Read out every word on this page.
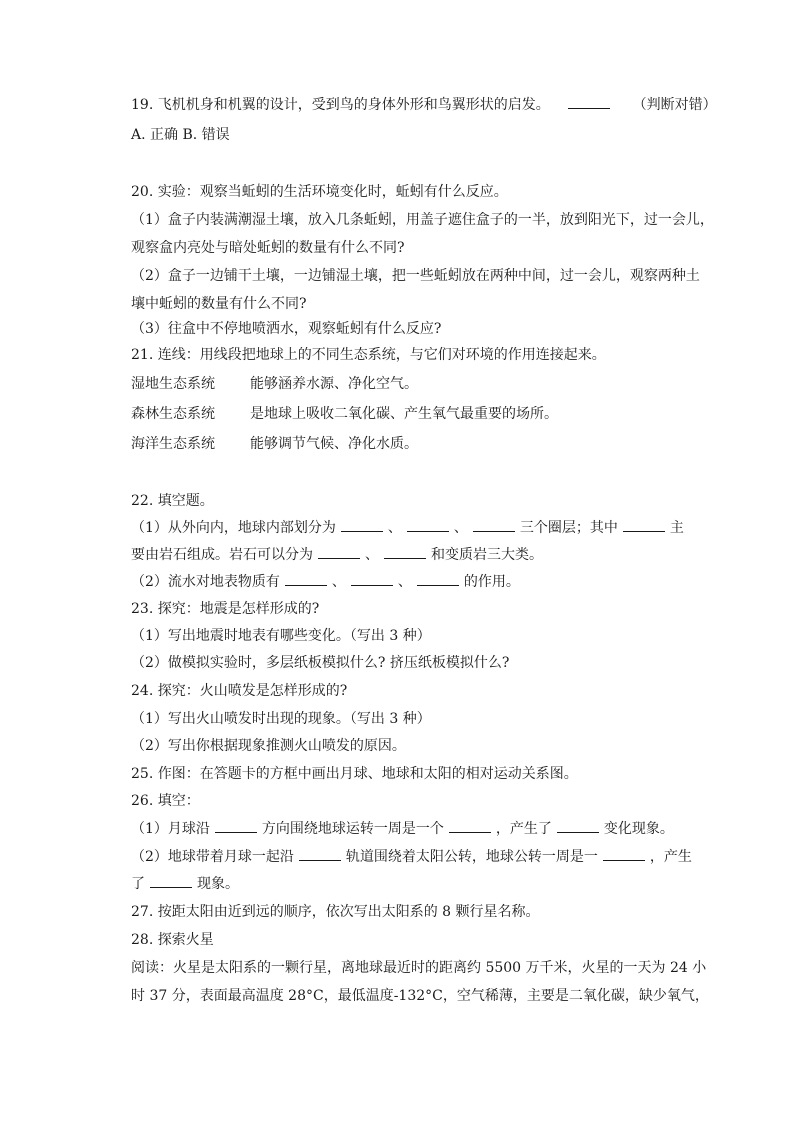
19. 飞机机身和机翼的设计，受到鸟的身体外形和鸟翼形状的启发。	（判断对错）
A. 正确 B. 错误
20. 实验：观察当蚯蚓的生活环境变化时，蚯蚓有什么反应。
（1）盒子内装满潮湿土壤，放入几条蚯蚓，用盖子遮住盒子的一半，放到阳光下，过一会儿，
观察盒内亮处与暗处蚯蚓的数量有什么不同?
（2）盒子一边铺干土壤，一边铺湿土壤，把一些蚯蚓放在两种中间，过一会儿，观察两种土
壤中蚯蚓的数量有什么不同?
（3）往盒中不停地喷洒水，观察蚯蚓有什么反应?
21. 连线：用线段把地球上的不同生态系统，与它们对环境的作用连接起来。
湿地生态系统	能够涵养水源、净化空气。
森林生态系统	是地球上吸收二氧化碳、产生氧气最重要的场所。
海洋生态系统	能够调节气候、净化水质。
22. 填空题。
（1）从外向内，地球内部划分为	、	、	三个圈层；其中	主
要由岩石组成。岩石可以分为	、	和变质岩三大类。
（2）流水对地表物质有	、	、	的作用。
23. 探究：地震是怎样形成的?
（1）写出地震时地表有哪些变化。（写出 3 种）
（2）做模拟实验时，多层纸板模拟什么? 挤压纸板模拟什么?
24. 探究：火山喷发是怎样形成的?
（1）写出火山喷发时出现的现象。（写出 3 种）
（2）写出你根据现象推测火山喷发的原因。
25. 作图：在答题卡的方框中画出月球、地球和太阳的相对运动关系图。
26. 填空：
（1）月球沿	方向围绕地球运转一周是一个	，产生了	变化现象。
（2）地球带着月球一起沿	轨道围绕着太阳公转，地球公转一周是一	，产生
了	现象。
27. 按距太阳由近到远的顺序，依次写出太阳系的 8 颗行星名称。
28. 探索火星
阅读：火星是太阳系的一颗行星，离地球最近时的距离约 5500 万千米，火星的一天为 24 小
时 37 分，表面最高温度 28°C，最低温度-132°C，空气稀薄，主要是二氧化碳，缺少氧气，
